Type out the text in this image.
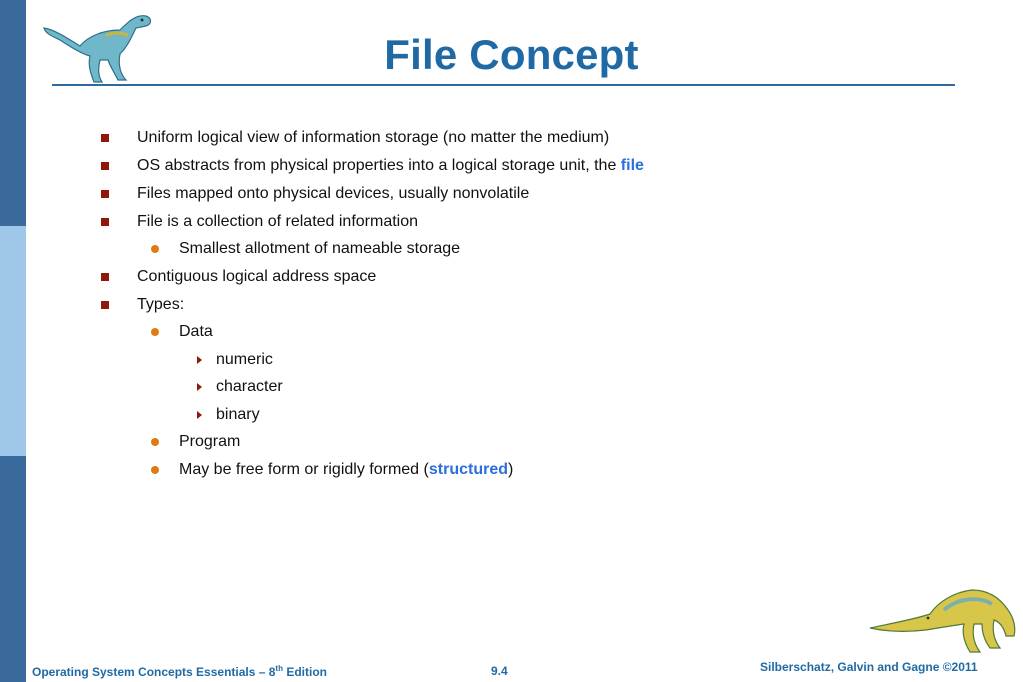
File Concept
Uniform logical view of information storage (no matter the medium)
OS abstracts from physical properties into a logical storage unit, the file
Files mapped onto physical devices, usually nonvolatile
File is a collection of related information
Smallest allotment of nameable storage
Contiguous logical address space
Types:
Data
numeric
character
binary
Program
May be free form or rigidly formed (structured)
Operating System Concepts Essentials – 8th Edition	9.4	Silberschatz, Galvin and Gagne ©2011
